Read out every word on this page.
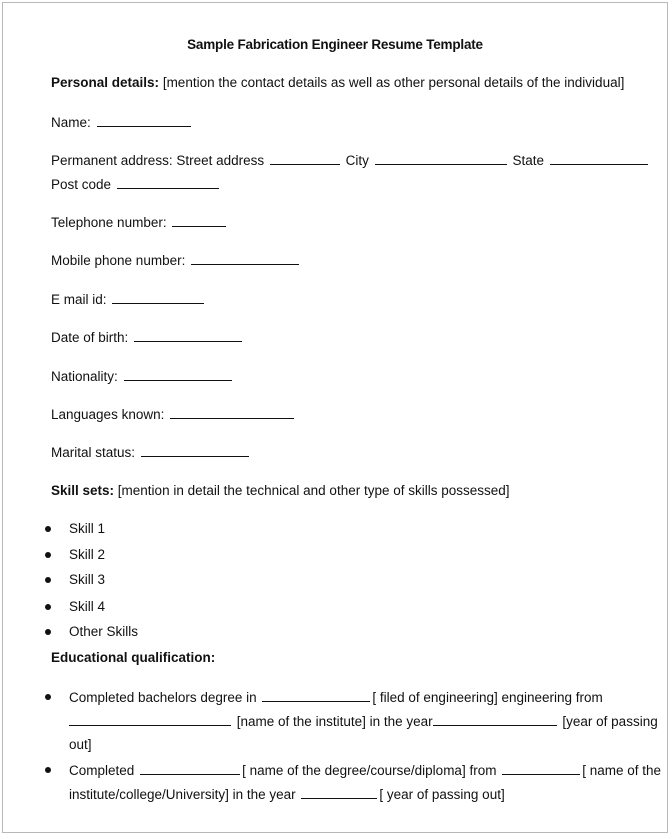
Sample Fabrication Engineer Resume Template
Personal details: [mention the contact details as well as other personal details of the individual]
Name:
Permanent address: Street address	City	State
Post code
Telephone number:
Mobile phone number:
E mail id:
Date of birth:
Nationality:
Languages known:
Marital status:
Skill sets: [mention in detail the technical and other type of skills possessed]
Skill 1
Skill 2
Skill 3
Skill 4
Other Skills
Educational qualification:
Completed bachelors degree in	[ filed of engineering] engineering from
[name of the institute] in the year	[year of passing
out]
Completed	[ name of the degree/course/diploma] from	[ name of the
institute/college/University] in the year	[ year of passing out]
